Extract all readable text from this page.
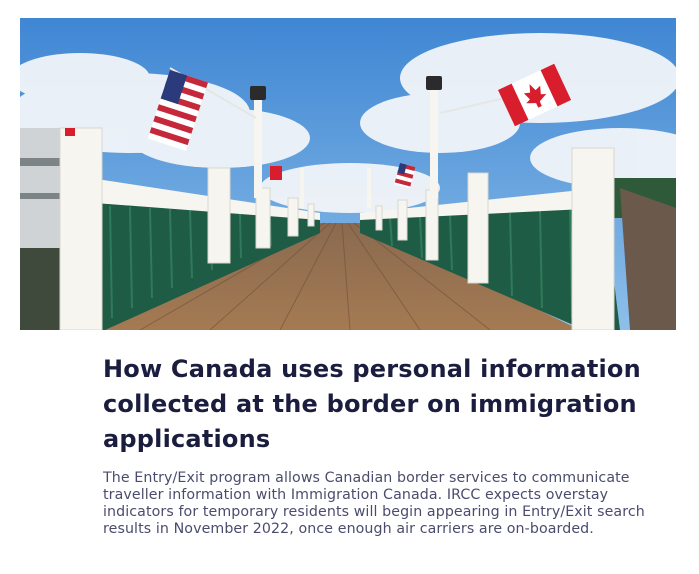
How Canada uses personal information collected at the border on immigration applications

The Entry/Exit program allows Canadian border services to communicate traveller information with Immigration Canada. IRCC expects overstay indicators for temporary residents will begin appearing in Entry/Exit search results in November 2022, once enough air carriers are on-boarded.
